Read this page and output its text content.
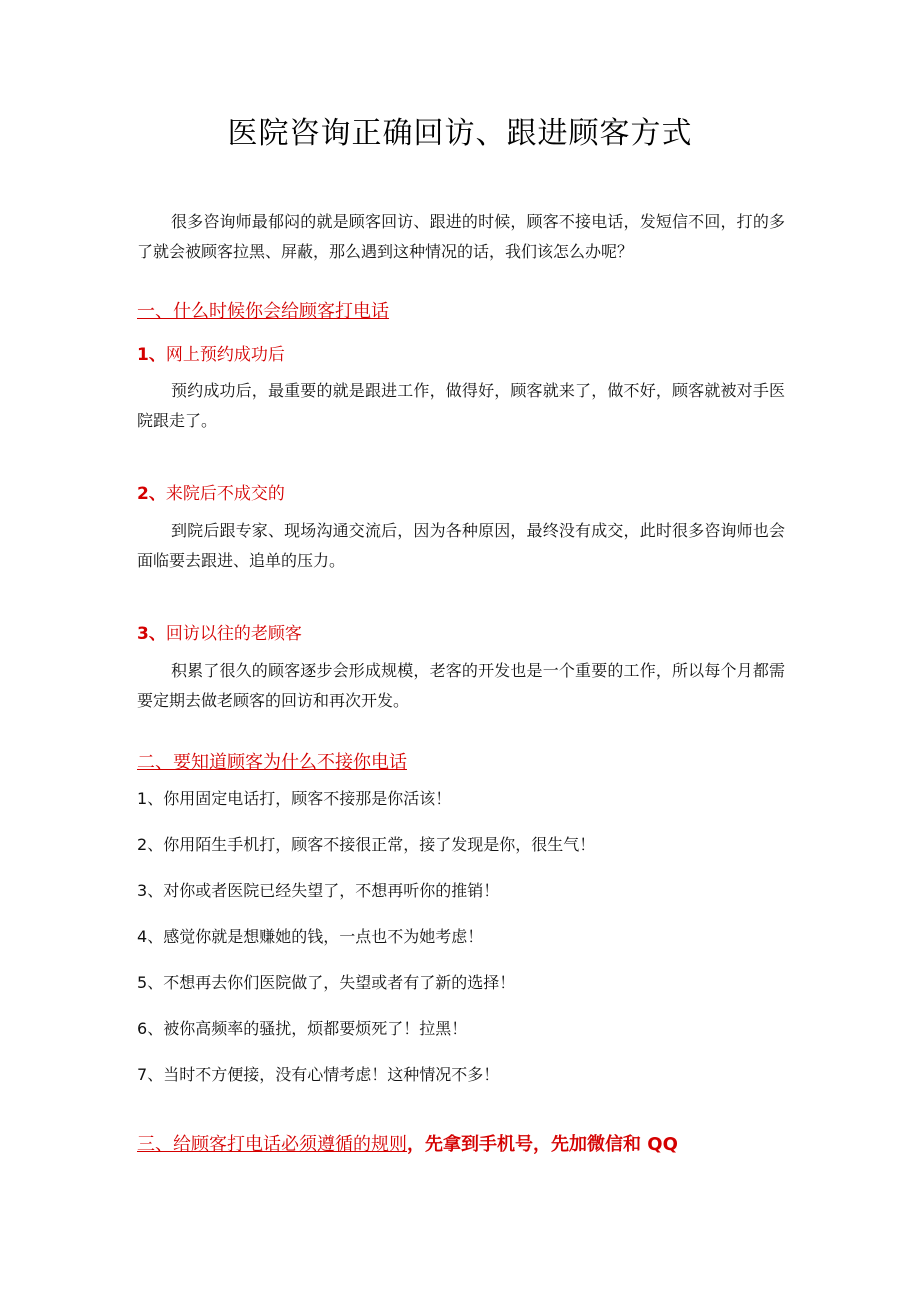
医院咨询正确回访、跟进顾客方式

很多咨询师最郁闷的就是顾客回访、跟进的时候，顾客不接电话，发短信不回，打的多了就会被顾客拉黑、屏蔽，那么遇到这种情况的话，我们该怎么办呢？

一、什么时候你会给顾客打电话
1、网上预约成功后

预约成功后，最重要的就是跟进工作，做得好，顾客就来了，做不好，顾客就被对手医院跟走了。

2、来院后不成交的

到院后跟专家、现场沟通交流后，因为各种原因，最终没有成交，此时很多咨询师也会面临要去跟进、追单的压力。

3、回访以往的老顾客

积累了很久的顾客逐步会形成规模，老客的开发也是一个重要的工作，所以每个月都需要定期去做老顾客的回访和再次开发。

二、要知道顾客为什么不接你电话
1、你用固定电话打，顾客不接那是你活该！
2、你用陌生手机打，顾客不接很正常，接了发现是你，很生气！
3、对你或者医院已经失望了，不想再听你的推销！
4、感觉你就是想赚她的钱，一点也不为她考虑！
5、不想再去你们医院做了，失望或者有了新的选择！
6、被你高频率的骚扰，烦都要烦死了！拉黑！
7、当时不方便接，没有心情考虑！这种情况不多！
三、给顾客打电话必须遵循的规则，先拿到手机号，先加微信和 QQ
